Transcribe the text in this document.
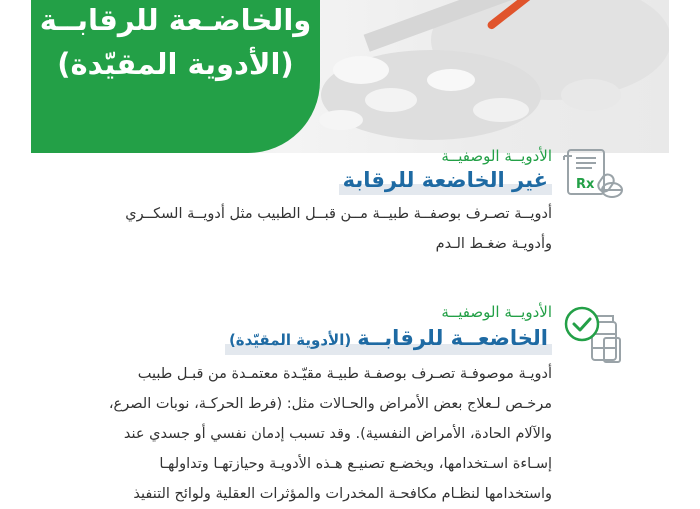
والخاضـعة للرقابــة
(الأدوية المقيّدة)
Rx

الأدويــة الوصفيــة

غير الخاضعة للرقابة
أدويــة تصـرف بوصفــة طبيــة مــن قبــل الطبيب مثل أدويــة السكــري
وأدويـة ضغـط الـدم

الأدويــة الوصفيــة

الخاضعــة للرقابــة(الأدوية المقيّدة)
أدويـة موصوفـة تصـرف بوصفـة طبيـة مقيّـدة معتمـدة من قبـل طبيب
مرخـص لـعلاج بعض الأمراض والحـالات مثل: (فرط الحركـة، نوبات الصرع،
والآلام الحادة، الأمراض النفسية). وقد تسبب إدمان نفسي أو جسدي عند
إسـاءة اسـتخدامها، ويخضـع تصنيـع هـذه الأدويـة وحيازتهـا وتداولهـا
واستخدامها لنظـام مكافحـة المخدرات والمؤثرات العقلية ولوائح التنفيذ
